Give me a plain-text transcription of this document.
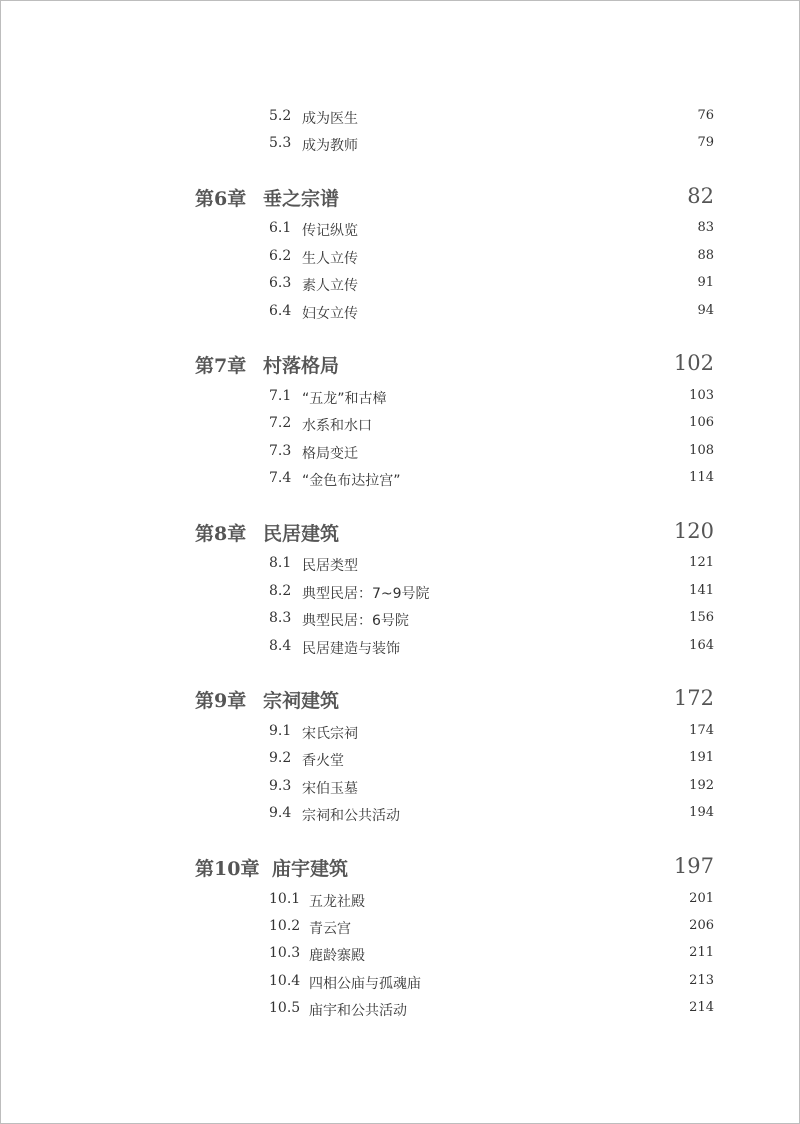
5.2 成为医生	76
5.3 成为教师	79
第6章 垂之宗谱	82
6.1 传记纵览	83
6.2 生人立传	88
6.3 素人立传	91
6.4 妇女立传	94
第7章 村落格局	102
7.1 “五龙”和古樟	103
7.2 水系和水口	106
7.3 格局变迁	108
7.4 “金色布达拉宫”	114
第8章 民居建筑	120
8.1 民居类型	121
8.2 典型民居：7~9号院	141
8.3 典型民居：6号院	156
8.4 民居建造与装饰	164
第9章 宗祠建筑	172
9.1 宋氏宗祠	174
9.2 香火堂	191
9.3 宋伯玉墓	192
9.4 宗祠和公共活动	194
第10章 庙宇建筑	197
10.1 五龙社殿	201
10.2 青云宫	206
10.3 鹿龄寨殿	211
10.4 四相公庙与孤魂庙	213
10.5 庙宇和公共活动	214
